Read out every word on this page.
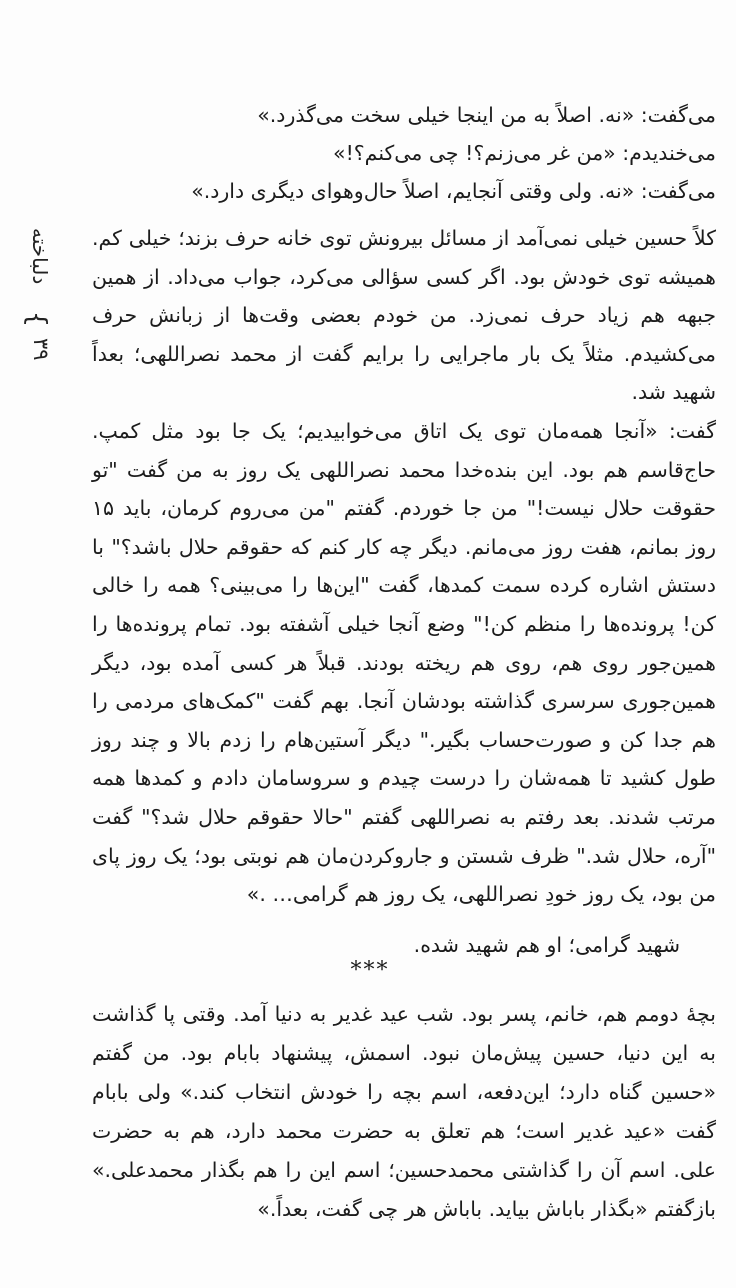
دلباخته
{
۳۹

می‌گفت: «نه. اصلاً به من اینجا خیلی سخت می‌گذرد.»

می‌خندیدم: «من غر می‌زنم؟! چی می‌کنم؟!»

می‌گفت: «نه. ولی وقتی آنجایم، اصلاً حال‌وهوای دیگری دارد.»

کلاً حسین خیلی نمی‌آمد از مسائل بیرونش توی خانه حرف بزند؛ خیلی کم. همیشه توی خودش بود. اگر کسی سؤالی می‌کرد، جواب می‌داد. از همین جبهه هم زیاد حرف نمی‌زد. من خودم بعضی وقت‌ها از زبانش حرف می‌کشیدم. مثلاً یک بار ماجرایی را برایم گفت از محمد نصراللهی؛ بعداً شهید شد.

گفت: «آنجا همه‌مان توی یک اتاق می‌خوابیدیم؛ یک جا بود مثل کمپ. حاج‌قاسم هم بود. این بنده‌خدا محمد نصراللهی یک روز به من گفت "تو حقوقت حلال نیست!" من جا خوردم. گفتم "من می‌روم کرمان، باید ۱۵ روز بمانم، هفت روز می‌مانم. دیگر چه کار کنم که حقوقم حلال باشد؟" با دستش اشاره کرده سمت کمدها، گفت "این‌ها را می‌بینی؟ همه را خالی کن! پرونده‌ها را منظم کن!" وضع آنجا خیلی آشفته بود. تمام پرونده‌ها را همین‌جور روی هم، روی هم ریخته بودند. قبلاً هر کسی آمده بود، دیگر همین‌جوری سرسری گذاشته بودشان آنجا. بهم گفت "کمک‌های مردمی را هم جدا کن و صورت‌حساب بگیر." دیگر آستین‌هام را زدم بالا و چند روز طول کشید تا همه‌شان را درست چیدم و سروسامان دادم و کمدها همه مرتب شدند. بعد رفتم به نصراللهی گفتم "حالا حقوقم حلال شد؟" گفت "آره، حلال شد." ظرف شستن و جاروکردن‌مان هم نوبتی بود؛ یک روز پای من بود، یک روز خودِ نصراللهی، یک روز هم گرامی… .»

شهید گرامی؛ او هم شهید شده.
***

بچهٔ دومم هم، خانم، پسر بود. شب عید غدیر به دنیا آمد. وقتی پا گذاشت به این دنیا، حسین پیش‌مان نبود. اسمش، پیشنهاد بابام بود. من گفتم «حسین گناه دارد؛ این‌دفعه، اسم بچه را خودش انتخاب کند.» ولی بابام گفت «عید غدیر است؛ هم تعلق به حضرت محمد دارد، هم به حضرت علی. اسم آن را گذاشتی محمدحسین؛ اسم این را هم بگذار محمدعلی.» بازگفتم «بگذار باباش بیاید. باباش هر چی گفت، بعداً.»
